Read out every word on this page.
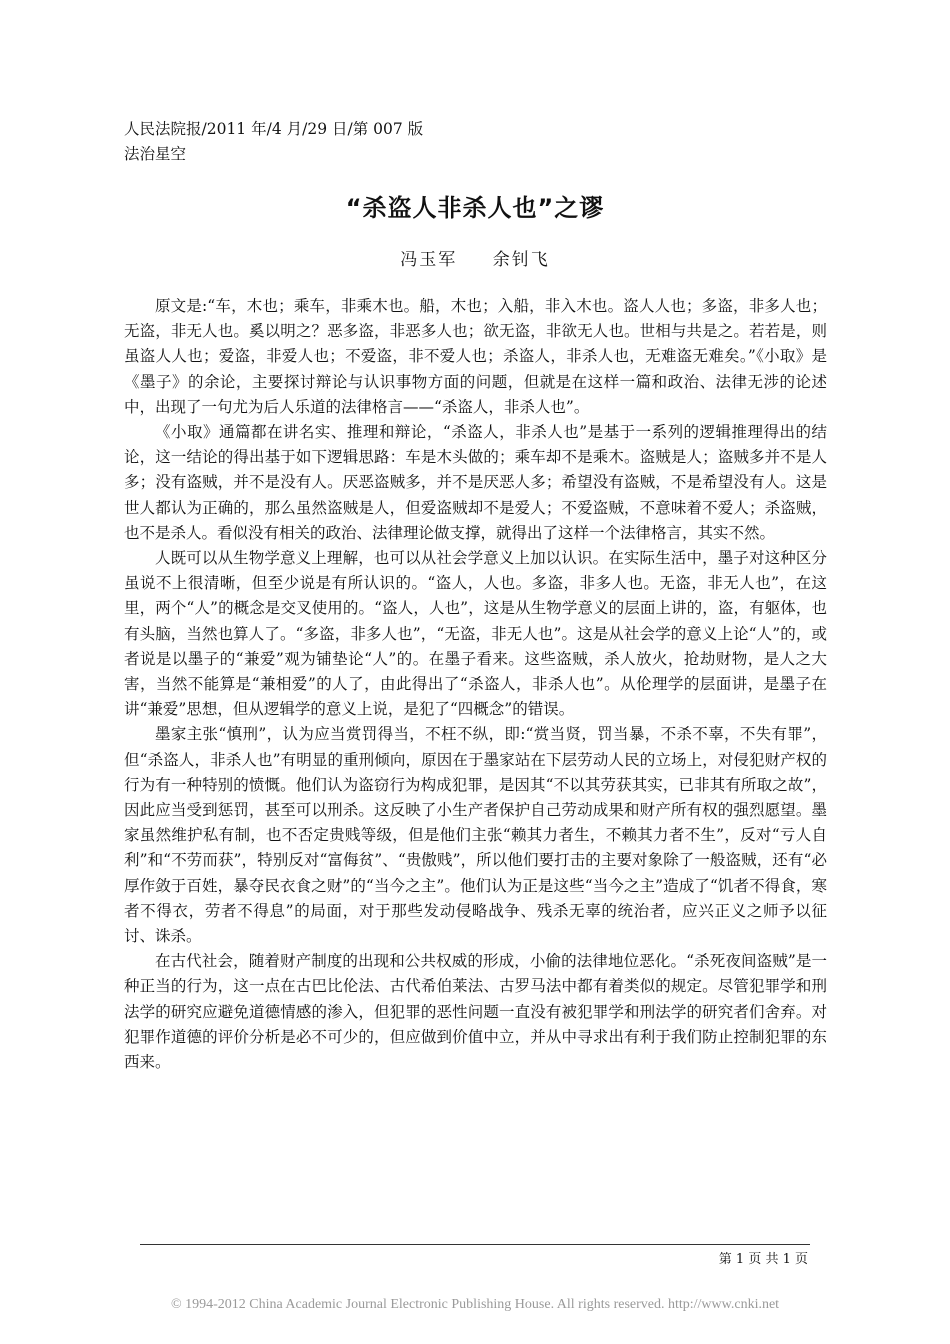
人民法院报/2011 年/4 月/29 日/第 007 版
法治星空
“杀盗人非杀人也”之谬
冯玉军 余钊飞

原文是:“车，木也；乘车，非乘木也。船，木也；入船，非入木也。盗人人也；多盗，非多人也；无盗，非无人也。奚以明之？恶多盗，非恶多人也；欲无盗，非欲无人也。世相与共是之。若若是，则虽盗人人也；爱盗，非爱人也；不爱盗，非不爱人也；杀盗人，非杀人也，无难盗无难矣。”《小取》是《墨子》的余论，主要探讨辩论与认识事物方面的问题，但就是在这样一篇和政治、法律无涉的论述中，出现了一句尤为后人乐道的法律格言——“杀盗人，非杀人也”。

《小取》通篇都在讲名实、推理和辩论，“杀盗人，非杀人也”是基于一系列的逻辑推理得出的结论，这一结论的得出基于如下逻辑思路：车是木头做的；乘车却不是乘木。盗贼是人；盗贼多并不是人多；没有盗贼，并不是没有人。厌恶盗贼多，并不是厌恶人多；希望没有盗贼，不是希望没有人。这是世人都认为正确的，那么虽然盗贼是人，但爱盗贼却不是爱人；不爱盗贼，不意味着不爱人；杀盗贼，也不是杀人。看似没有相关的政治、法律理论做支撑，就得出了这样一个法律格言，其实不然。

人既可以从生物学意义上理解，也可以从社会学意义上加以认识。在实际生活中，墨子对这种区分虽说不上很清晰，但至少说是有所认识的。“盗人，人也。多盗，非多人也。无盗，非无人也”，在这里，两个“人”的概念是交叉使用的。“盗人，人也”，这是从生物学意义的层面上讲的，盗，有躯体，也有头脑，当然也算人了。“多盗，非多人也”，“无盗，非无人也”。这是从社会学的意义上论“人”的，或者说是以墨子的“兼爱”观为铺垫论“人”的。在墨子看来。这些盗贼，杀人放火，抢劫财物，是人之大害，当然不能算是“兼相爱”的人了，由此得出了“杀盗人，非杀人也”。从伦理学的层面讲，是墨子在讲“兼爱”思想，但从逻辑学的意义上说，是犯了“四概念”的错误。

墨家主张“慎刑”，认为应当赏罚得当，不枉不纵，即:“赏当贤，罚当暴，不杀不辜，不失有罪”，但“杀盗人，非杀人也”有明显的重刑倾向，原因在于墨家站在下层劳动人民的立场上，对侵犯财产权的行为有一种特别的愤慨。他们认为盗窃行为构成犯罪，是因其“不以其劳获其实，已非其有所取之故”，因此应当受到惩罚，甚至可以刑杀。这反映了小生产者保护自己劳动成果和财产所有权的强烈愿望。墨家虽然维护私有制，也不否定贵贱等级，但是他们主张“赖其力者生，不赖其力者不生”，反对“亏人自利”和“不劳而获”，特别反对“富侮贫”、“贵傲贱”，所以他们要打击的主要对象除了一般盗贼，还有“必厚作敛于百姓，暴夺民衣食之财”的“当今之主”。他们认为正是这些“当今之主”造成了“饥者不得食，寒者不得衣，劳者不得息”的局面，对于那些发动侵略战争、残杀无辜的统治者，应兴正义之师予以征讨、诛杀。

在古代社会，随着财产制度的出现和公共权威的形成，小偷的法律地位恶化。“杀死夜间盗贼”是一种正当的行为，这一点在古巴比伦法、古代希伯莱法、古罗马法中都有着类似的规定。尽管犯罪学和刑法学的研究应避免道德情感的渗入，但犯罪的恶性问题一直没有被犯罪学和刑法学的研究者们舍弃。对犯罪作道德的评价分析是必不可少的，但应做到价值中立，并从中寻求出有利于我们防止控制犯罪的东西来。

第 1 页 共 1 页
© 1994-2012 China Academic Journal Electronic Publishing House. All rights reserved. http://www.cnki.net
